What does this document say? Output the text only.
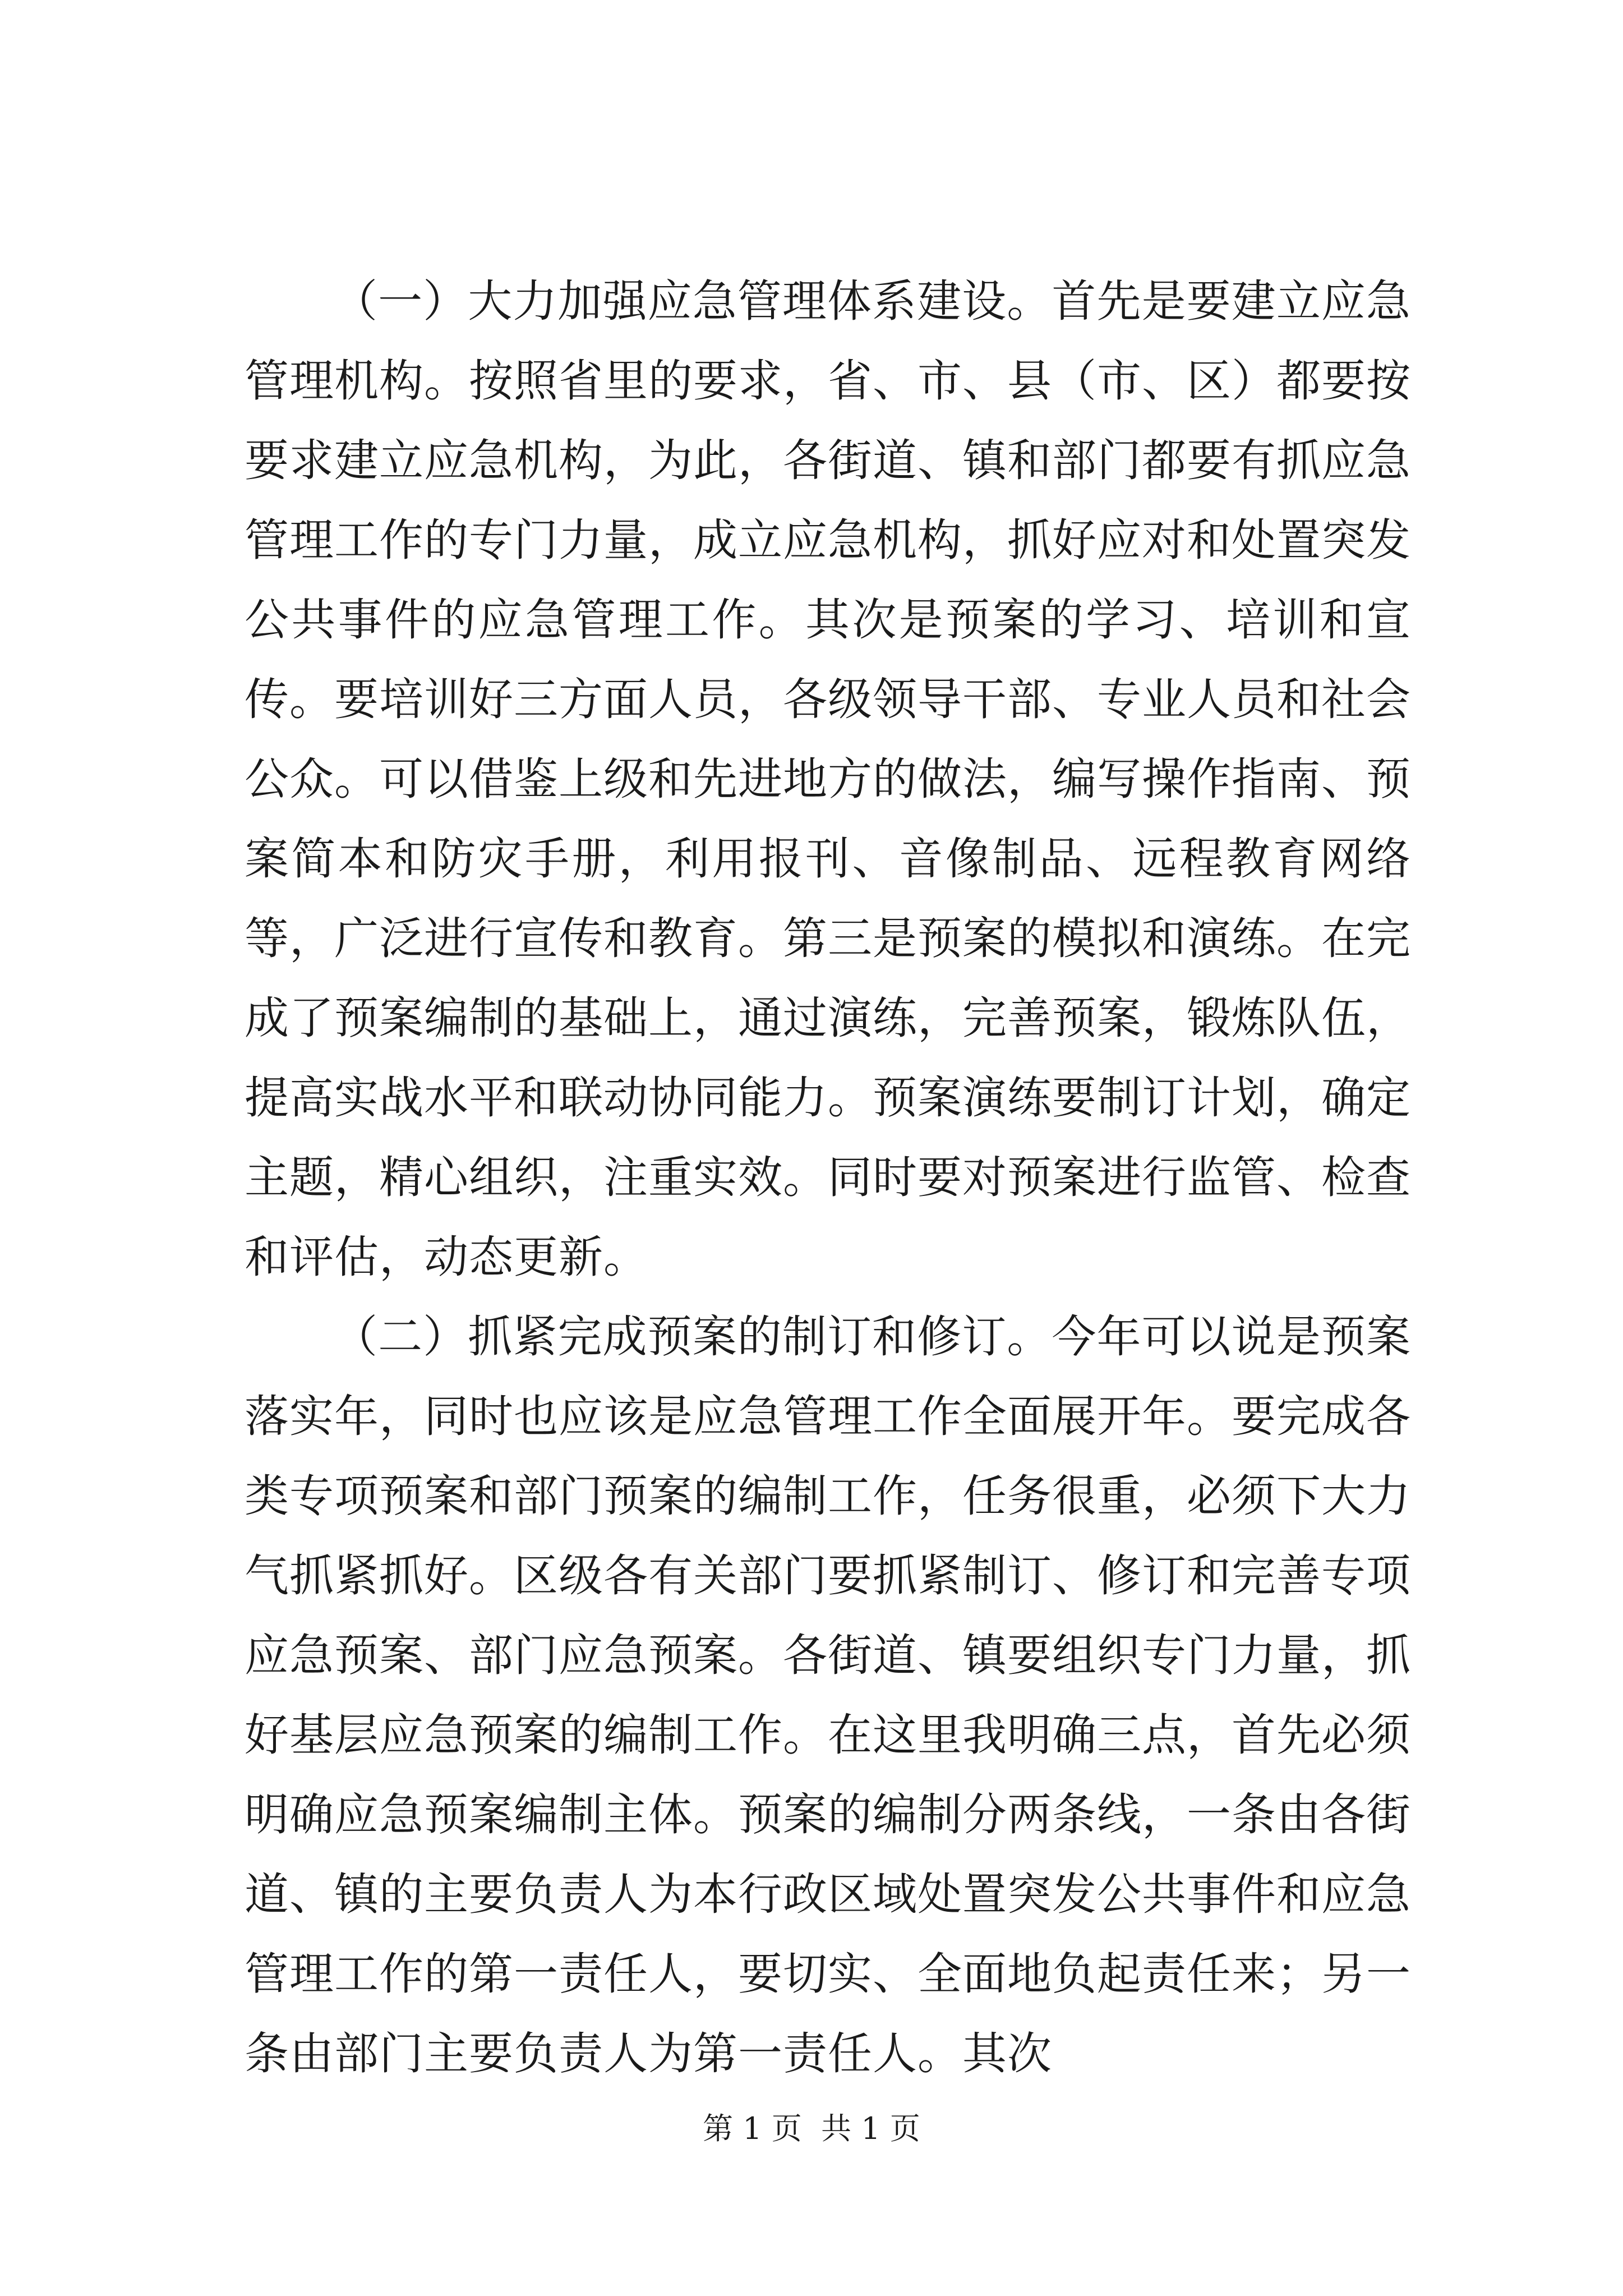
（一）大力加强应急管理体系建设。首先是要建立应急管理机构。按照省里的要求，省、市、县（市、区）都要按要求建立应急机构，为此，各街道、镇和部门都要有抓应急管理工作的专门力量，成立应急机构，抓好应对和处置突发公共事件的应急管理工作。其次是预案的学习、培训和宣传。要培训好三方面人员，各级领导干部、专业人员和社会公众。可以借鉴上级和先进地方的做法，编写操作指南、预案简本和防灾手册，利用报刊、音像制品、远程教育网络等，广泛进行宣传和教育。第三是预案的模拟和演练。在完成了预案编制的基础上，通过演练，完善预案，锻炼队伍，提高实战水平和联动协同能力。预案演练要制订计划，确定主题，精心组织，注重实效。同时要对预案进行监管、检查和评估，动态更新。

（二）抓紧完成预案的制订和修订。今年可以说是预案落实年，同时也应该是应急管理工作全面展开年。要完成各类专项预案和部门预案的编制工作，任务很重，必须下大力气抓紧抓好。区级各有关部门要抓紧制订、修订和完善专项应急预案、部门应急预案。各街道、镇要组织专门力量，抓好基层应急预案的编制工作。在这里我明确三点，首先必须明确应急预案编制主体。预案的编制分两条线，一条由各街道、镇的主要负责人为本行政区域处置突发公共事件和应急管理工作的第一责任人，要切实、全面地负起责任来；另一条由部门主要负责人为第一责任人。其次

第 1 页  共 1 页
